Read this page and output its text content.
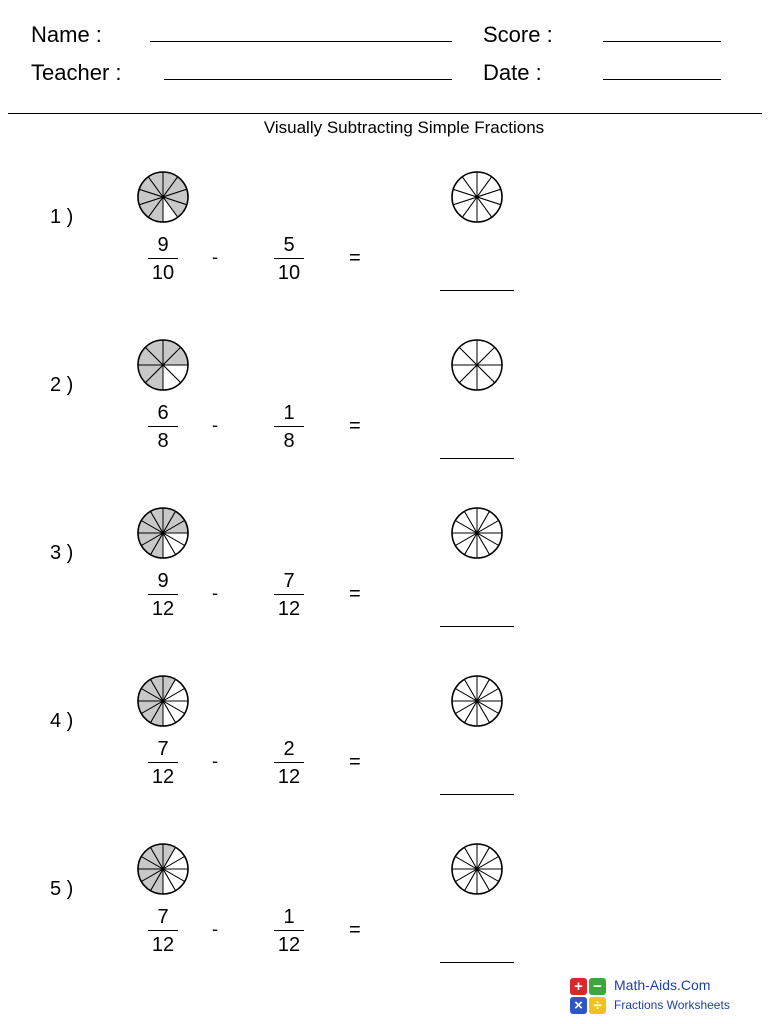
Name :
Teacher :
Score :
Date :
Visually Subtracting Simple Fractions
1 )
9
10
-
5
10
=
2 )
6
8
-
1
8
=
3 )
9
12
-
7
12
=
4 )
7
12
-
2
12
=
5 )
7
12
-
1
12
=
+ −
× ÷
Math-Aids.Com
Fractions Worksheets
